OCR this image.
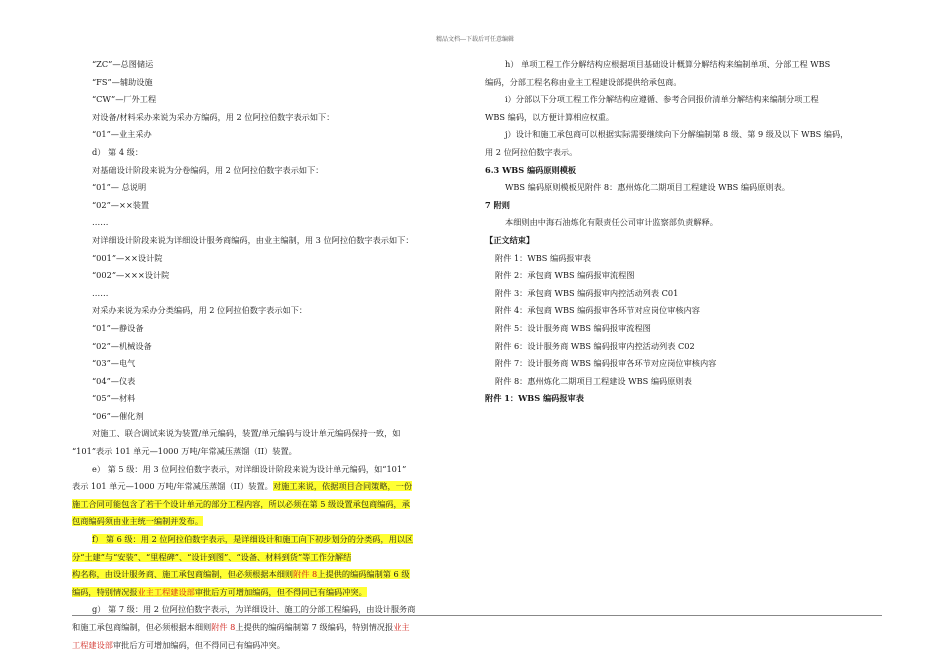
精品文档---下载后可任意编辑

“ZC”—总图储运

“FS”—辅助设施

“CW”—厂外工程

对设备/材料采办来说为采办方编码，用 2 位阿拉伯数字表示如下：

“01”—业主采办

d） 第 4 级：

对基础设计阶段来说为分卷编码，用 2 位阿拉伯数字表示如下：

“01”— 总说明

“02”—××装置

……

对详细设计阶段来说为详细设计服务商编码，由业主编制，用 3 位阿拉伯数字表示如下：

“001”—××设计院

“002”—×××设计院

……

对采办来说为采办分类编码，用 2 位阿拉伯数字表示如下：

“01”—静设备

“02”—机械设备

“03”—电气

“04”—仪表

“05”—材料

“06”—催化剂

对施工、联合调试来说为装置/单元编码，装置/单元编码与设计单元编码保持一致，如

“101”表示 101 单元—1000 万吨/年常减压蒸馏（II）装置。

e） 第 5 级：用 3 位阿拉伯数字表示，对详细设计阶段来说为设计单元编码，如“101”

表示 101 单元—1000 万吨/年常减压蒸馏（II）装置。对施工来说，依据项目合同策略，一份

施工合同可能包含了若干个设计单元的部分工程内容，所以必须在第 5 级设置承包商编码，承

包商编码须由业主统一编制并发布。

f） 第 6 级：用 2 位阿拉伯数字表示，是详细设计和施工向下初步划分的分类码，用以区

分“土建”与“安装”、“里程碑”、“设计到图”、“设备、材料到货”等工作分解结

构名称，由设计服务商、施工承包商编制，但必须根据本细则附件 8上提供的编码编制第 6 级

编码，特别情况报业主工程建设部审批后方可增加编码，但不得同已有编码冲突。

g） 第 7 级：用 2 位阿拉伯数字表示，为详细设计、施工的分部工程编码，由设计服务商

和施工承包商编制，但必须根据本细则附件 8上提供的编码编制第 7 级编码，特别情况报业主

工程建设部审批后方可增加编码，但不得同已有编码冲突。

h） 单项工程工作分解结构应根据项目基础设计概算分解结构来编制单项、分部工程 WBS

编码，分部工程名称由业主工程建设部提供给承包商。

i）分部以下分项工程工作分解结构应遵循、参考合同报价清单分解结构来编制分项工程

WBS 编码，以方便计算相应权重。

j）设计和施工承包商可以根据实际需要继续向下分解编制第 8 级、第 9 级及以下 WBS 编码，

用 2 位阿拉伯数字表示。

6.3 WBS 编码原则模板

WBS 编码原则模板见附件 8：惠州炼化二期项目工程建设 WBS 编码原则表。

7 附则

本细则由中海石油炼化有限责任公司审计监察部负责解释。

【正文结束】

附件 1：WBS 编码报审表

附件 2：承包商 WBS 编码报审流程图

附件 3：承包商 WBS 编码报审内控活动列表 C01

附件 4：承包商 WBS 编码报审各环节对应岗位审核内容

附件 5：设计服务商 WBS 编码报审流程图

附件 6：设计服务商 WBS 编码报审内控活动列表 C02

附件 7：设计服务商 WBS 编码报审各环节对应岗位审核内容

附件 8：惠州炼化二期项目工程建设 WBS 编码原则表

附件 1：WBS 编码报审表
